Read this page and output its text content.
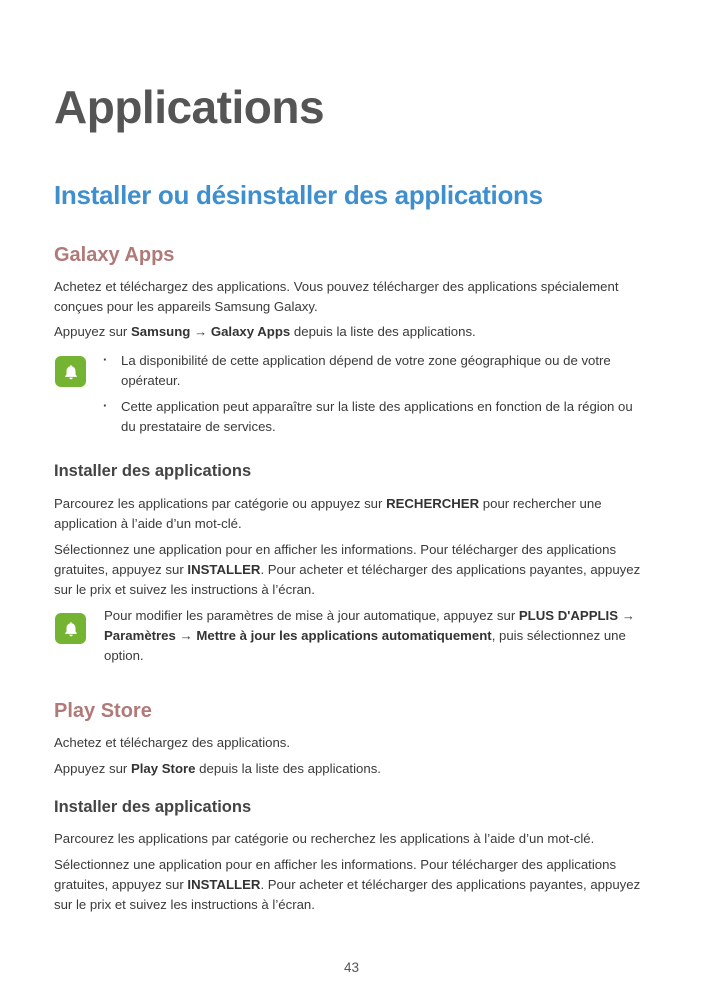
Applications
Installer ou désinstaller des applications
Galaxy Apps

Achetez et téléchargez des applications. Vous pouvez télécharger des applications spécialement conçues pour les appareils Samsung Galaxy.

Appuyez sur Samsung → Galaxy Apps depuis la liste des applications.

· La disponibilité de cette application dépend de votre zone géographique ou de votre opérateur.
· Cette application peut apparaître sur la liste des applications en fonction de la région ou du prestataire de services.
Installer des applications

Parcourez les applications par catégorie ou appuyez sur RECHERCHER pour rechercher une application à l’aide d’un mot-clé.

Sélectionnez une application pour en afficher les informations. Pour télécharger des applications gratuites, appuyez sur INSTALLER. Pour acheter et télécharger des applications payantes, appuyez sur le prix et suivez les instructions à l’écran.

Pour modifier les paramètres de mise à jour automatique, appuyez sur PLUS D'APPLIS → Paramètres → Mettre à jour les applications automatiquement, puis sélectionnez une option.

Play Store

Achetez et téléchargez des applications.

Appuyez sur Play Store depuis la liste des applications.

Installer des applications

Parcourez les applications par catégorie ou recherchez les applications à l’aide d’un mot-clé.

Sélectionnez une application pour en afficher les informations. Pour télécharger des applications gratuites, appuyez sur INSTALLER. Pour acheter et télécharger des applications payantes, appuyez sur le prix et suivez les instructions à l’écran.

43
